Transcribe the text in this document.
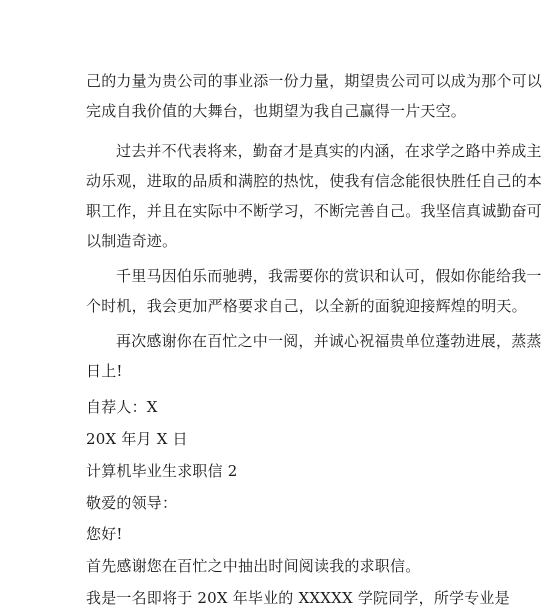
己的力量为贵公司的事业添一份力量，期望贵公司可以成为那个可以
完成自我价值的大舞台，也期望为我自己赢得一片天空。
过去并不代表将来，勤奋才是真实的内涵，在求学之路中养成主
动乐观，进取的品质和满腔的热忱，使我有信念能很快胜任自己的本
职工作，并且在实际中不断学习，不断完善自己。我坚信真诚勤奋可
以制造奇迹。
千里马因伯乐而驰骋，我需要你的赏识和认可，假如你能给我一
个时机，我会更加严格要求自己，以全新的面貌迎接辉煌的明天。
再次感谢你在百忙之中一阅，并诚心祝福贵单位蓬勃进展，蒸蒸
日上!
自荐人：X
20X 年月 X 日
计算机毕业生求职信 2
敬爱的领导：
您好!
首先感谢您在百忙之中抽出时间阅读我的求职信。
我是一名即将于 20X 年毕业的 XXXXX 学院同学，所学专业是
